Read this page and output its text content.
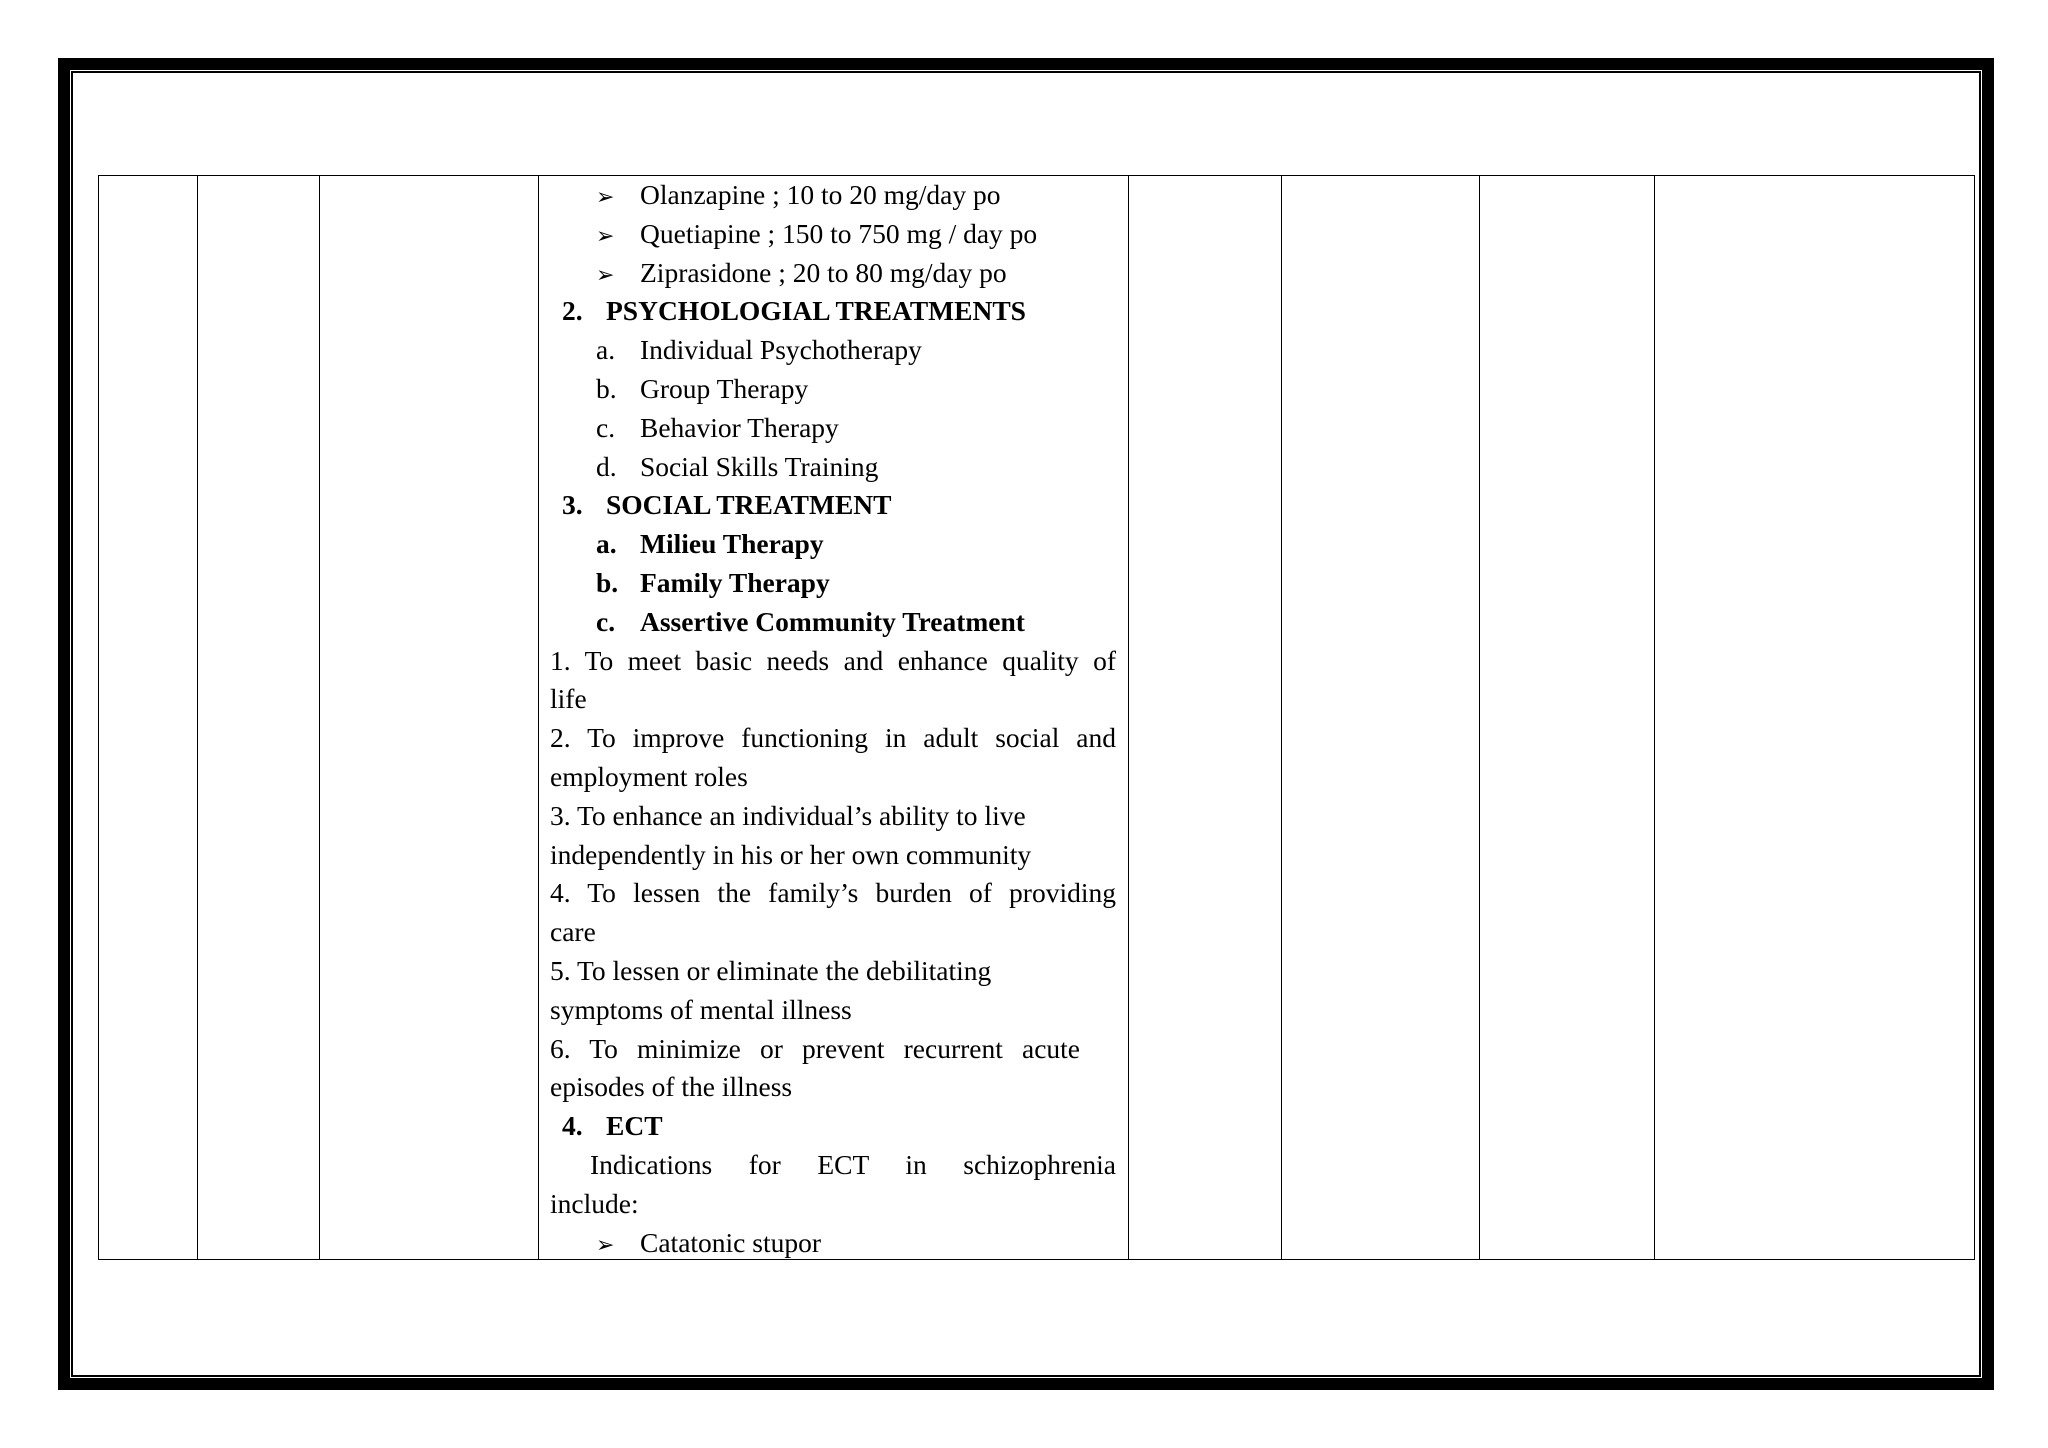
➢ Olanzapine ; 10 to 20 mg/day po
➢ Quetiapine ; 150 to 750 mg / day po
➢ Ziprasidone ; 20 to 80 mg/day po
2. PSYCHOLOGIAL TREATMENTS
a. Individual Psychotherapy
b. Group Therapy
c. Behavior Therapy
d. Social Skills Training
3. SOCIAL TREATMENT
a. Milieu Therapy
b. Family Therapy
c. Assertive Community Treatment
1. To meet basic needs and enhance quality of
life
2. To improve functioning in adult social and
employment roles
3. To enhance an individual’s ability to live
independently in his or her own community
4. To lessen the family’s burden of providing
care
5. To lessen or eliminate the debilitating
symptoms of mental illness
6. To minimize or prevent recurrent acute
episodes of the illness
4. ECT
Indications for ECT in schizophrenia
include:
➢ Catatonic stupor
